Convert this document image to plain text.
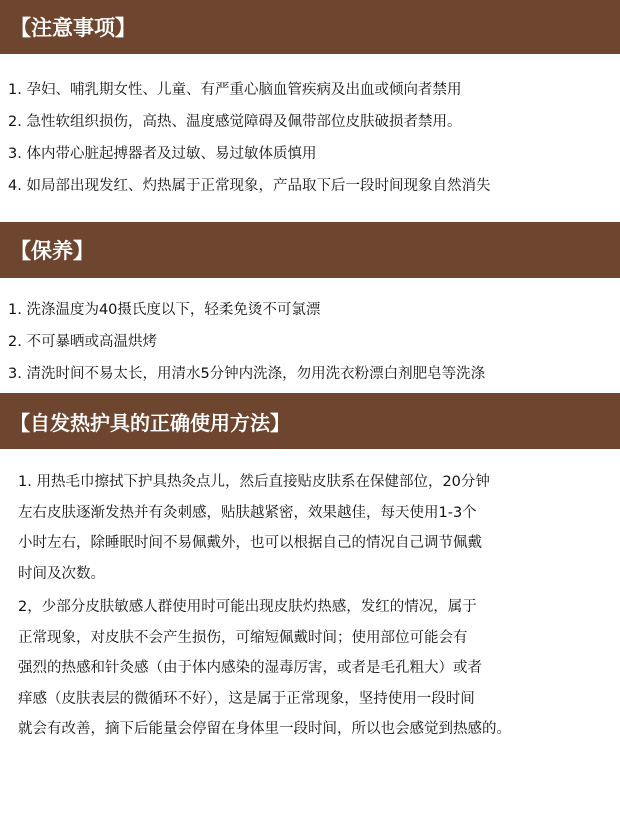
【注意事项】
1. 孕妇、哺乳期女性、儿童、有严重心脑血管疾病及出血或倾向者禁用
2. 急性软组织损伤，高热、温度感觉障碍及佩带部位皮肤破损者禁用。
3. 体内带心脏起搏器者及过敏、易过敏体质慎用
4. 如局部出现发红、灼热属于正常现象，产品取下后一段时间现象自然消失
【保养】
1. 洗涤温度为40摄氏度以下，轻柔免烫不可氯漂
2. 不可暴晒或高温烘烤
3. 清洗时间不易太长，用清水5分钟内洗涤，勿用洗衣粉漂白剂肥皂等洗涤
【自发热护具的正确使用方法】

1. 用热毛巾擦拭下护具热灸点儿，然后直接贴皮肤系在保健部位，20分钟

左右皮肤逐渐发热并有灸刺感，贴肤越紧密，效果越佳，每天使用1-3个

小时左右，除睡眠时间不易佩戴外，也可以根据自己的情况自己调节佩戴

时间及次数。

2，少部分皮肤敏感人群使用时可能出现皮肤灼热感，发红的情况，属于

正常现象，对皮肤不会产生损伤，可缩短佩戴时间；使用部位可能会有

强烈的热感和针灸感（由于体内感染的湿毒厉害，或者是毛孔粗大）或者

痒感（皮肤表层的微循环不好），这是属于正常现象，坚持使用一段时间

就会有改善，摘下后能量会停留在身体里一段时间，所以也会感觉到热感的。
